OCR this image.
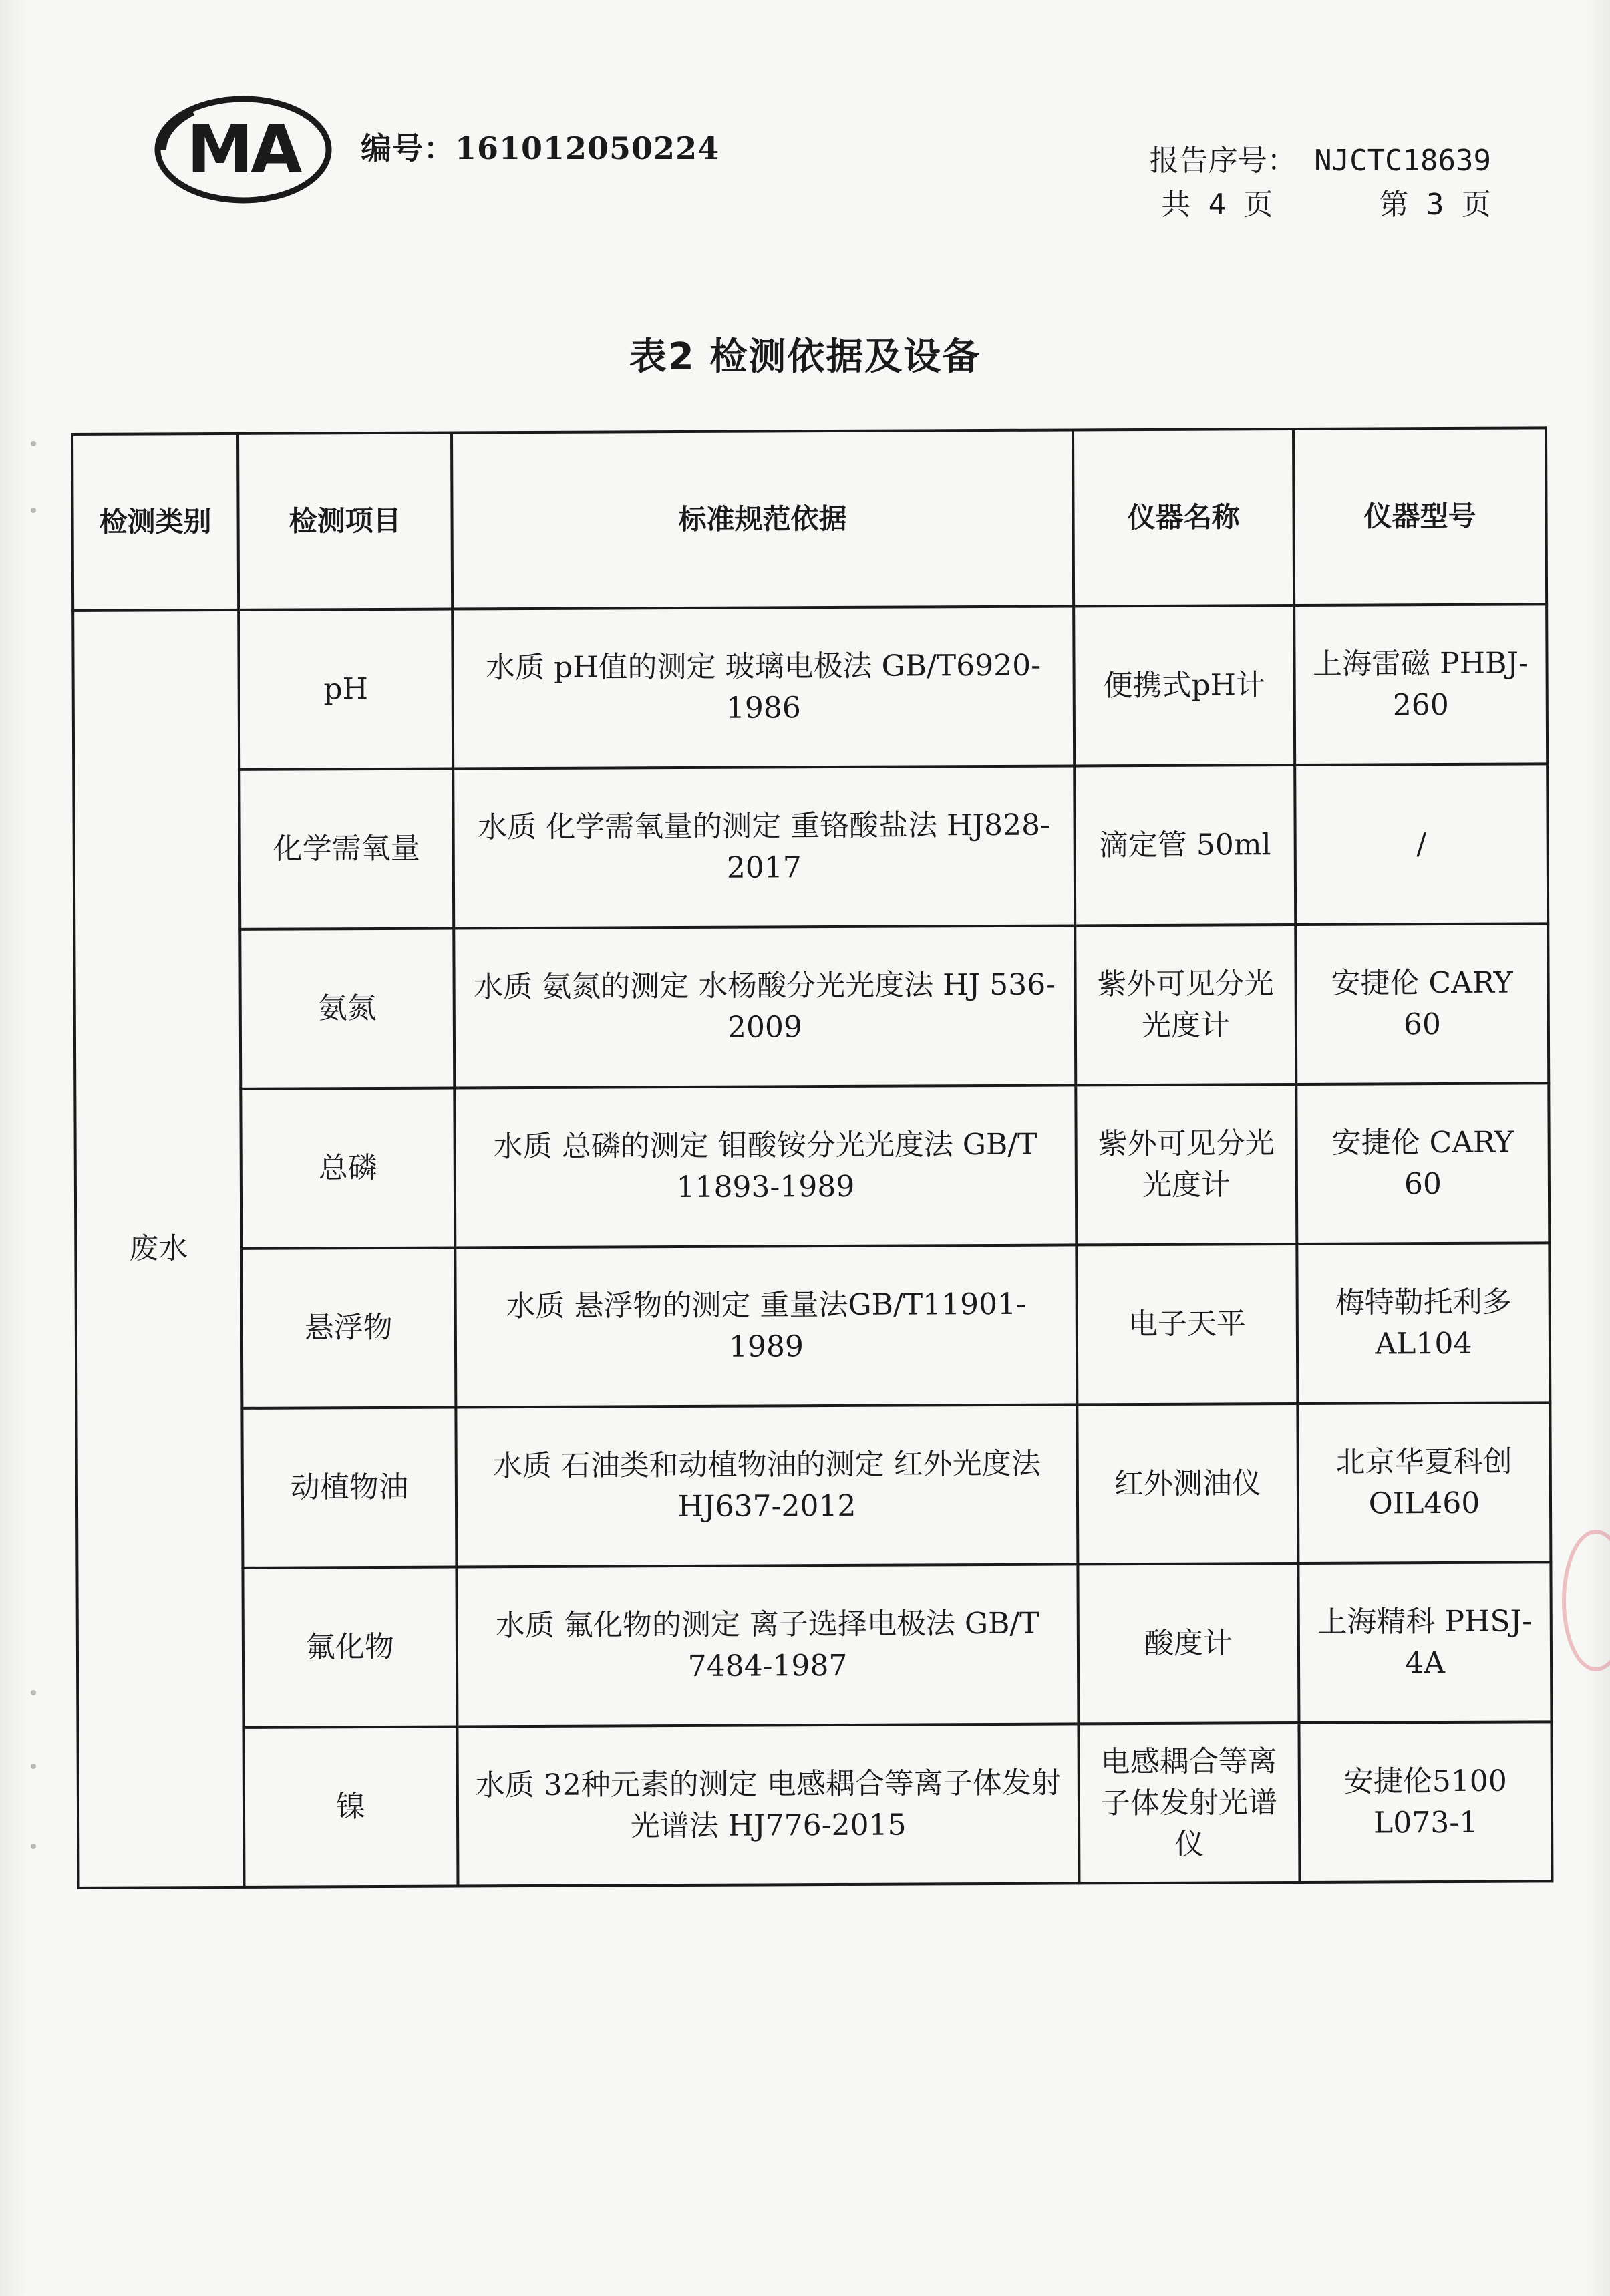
MA 编号：161012050224	报告序号： NJCTC18639
共 4 页	第 3 页
表2 检测依据及设备
检测类别	检测项目	标准规范依据	仪器名称	仪器型号
废水	pH	水质 pH值的测定 玻璃电极法 GB/T6920-1986	便携式pH计	上海雷磁 PHBJ-260
	化学需氧量	水质 化学需氧量的测定 重铬酸盐法 HJ828-2017	滴定管 50ml	/
	氨氮	水质 氨氮的测定 水杨酸分光光度法 HJ 536-2009	紫外可见分光光度计	安捷伦 CARY 60
	总磷	水质 总磷的测定 钼酸铵分光光度法 GB/T 11893-1989	紫外可见分光光度计	安捷伦 CARY 60
	悬浮物	水质 悬浮物的测定 重量法GB/T11901-1989	电子天平	梅特勒托利多 AL104
	动植物油	水质 石油类和动植物油的测定 红外光度法 HJ637-2012	红外测油仪	北京华夏科创 OIL460
	氟化物	水质 氟化物的测定 离子选择电极法 GB/T 7484-1987	酸度计	上海精科 PHSJ-4A
	镍	水质 32种元素的测定 电感耦合等离子体发射光谱法 HJ776-2015	电感耦合等离子体发射光谱仪	安捷伦5100 L073-1
